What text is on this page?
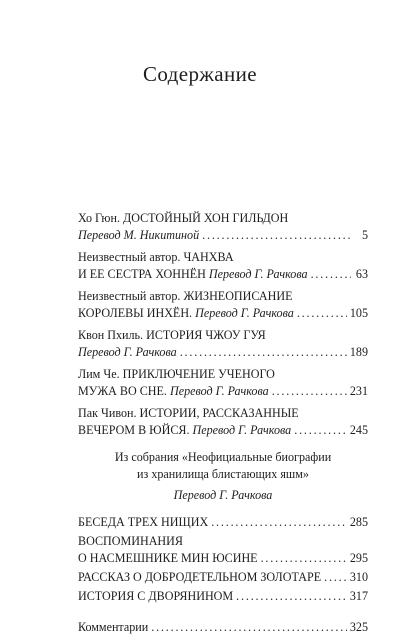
Содержание
Хо Гюн. ДОСТОЙНЫЙ ХОН ГИЛЬДОН
Перевод М. Никитиной . . .	5
Неизвестный автор. ЧАНХВА
И ЕЕ СЕСТРА ХОННЁН
Перевод Г. Рачкова . . .	63
Неизвестный автор. ЖИЗНЕОПИСАНИЕ
КОРОЛЕВЫ ИНХЁН.
Перевод Г. Рачкова . . .	105
Квон Пхиль. ИСТОРИЯ ЧЖОУ ГУЯ
Перевод Г. Рачкова . . .	189
Лим Че. ПРИКЛЮЧЕНИЕ УЧЕНОГО
МУЖА ВО СНЕ.
Перевод Г. Рачкова . . .	231
Пак Чивон. ИСТОРИИ, РАССКАЗАННЫЕ
ВЕЧЕРОМ В ЮЙСЯ.
Перевод Г. Рачкова . . .	245
Из собрания «Неофициальные биографии
из хранилища блистающих яшм»
Перевод Г. Рачкова
БЕСЕДА ТРЕХ НИЩИХ . . .	285
ВОСПОМИНАНИЯ
О НАСМЕШНИКЕ МИН ЮСИНЕ . . .	295
РАССКАЗ О ДОБРОДЕТЕЛЬНОМ ЗОЛОТАРЕ . . . 310
ИСТОРИЯ С ДВОРЯНИНОМ . . .	317
Комментарии . . .	325
